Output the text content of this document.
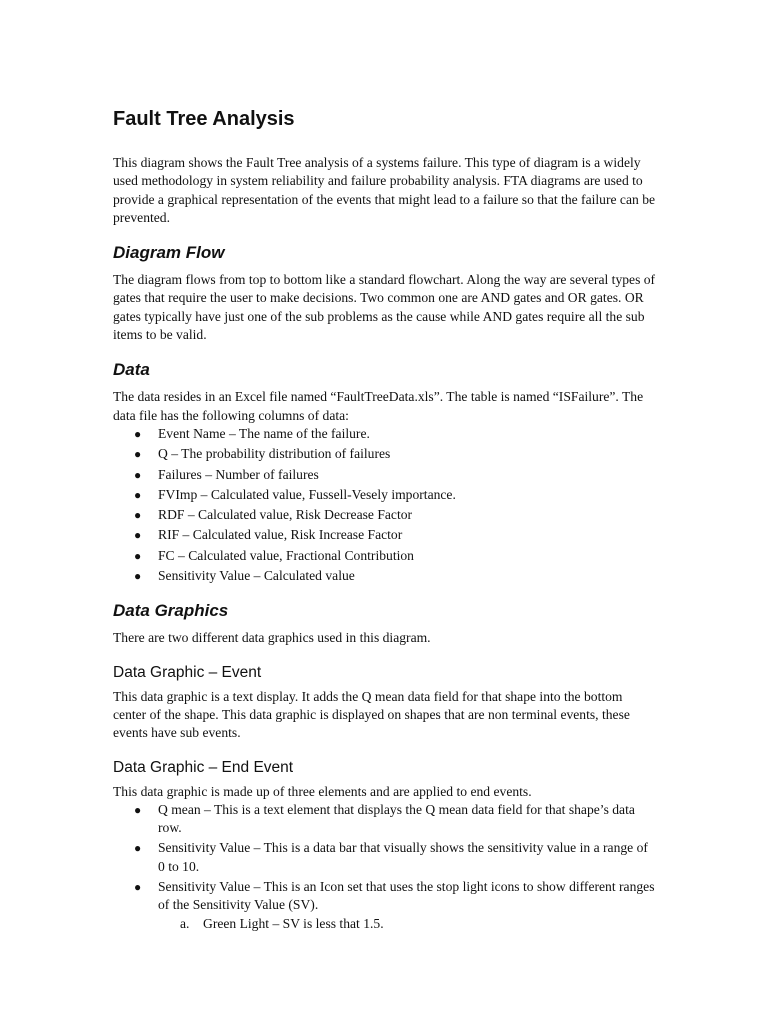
Fault Tree Analysis

This diagram shows the Fault Tree analysis of a systems failure. This type of diagram is a widely used methodology in system reliability and failure probability analysis. FTA diagrams are used to provide a graphical representation of the events that might lead to a failure so that the failure can be prevented.

Diagram Flow

The diagram flows from top to bottom like a standard flowchart. Along the way are several types of gates that require the user to make decisions. Two common one are AND gates and OR gates. OR gates typically have just one of the sub problems as the cause while AND gates require all the sub items to be valid.

Data

The data resides in an Excel file named “FaultTreeData.xls”. The table is named “ISFailure”. The data file has the following columns of data:

● Event Name – The name of the failure.
● Q – The probability distribution of failures
● Failures – Number of failures
● FVImp – Calculated value, Fussell-Vesely importance.
● RDF – Calculated value, Risk Decrease Factor
● RIF – Calculated value, Risk Increase Factor
● FC – Calculated value, Fractional Contribution
● Sensitivity Value – Calculated value
Data Graphics

There are two different data graphics used in this diagram.

Data Graphic – Event

This data graphic is a text display. It adds the Q mean data field for that shape into the bottom center of the shape. This data graphic is displayed on shapes that are non terminal events, these events have sub events.

Data Graphic – End Event

This data graphic is made up of three elements and are applied to end events.

● Q mean – This is a text element that displays the Q mean data field for that shape’s data row.
● Sensitivity Value – This is a data bar that visually shows the sensitivity value in a range of 0 to 10.
● Sensitivity Value – This is an Icon set that uses the stop light icons to show different ranges of the Sensitivity Value (SV).
a. Green Light – SV is less that 1.5.
